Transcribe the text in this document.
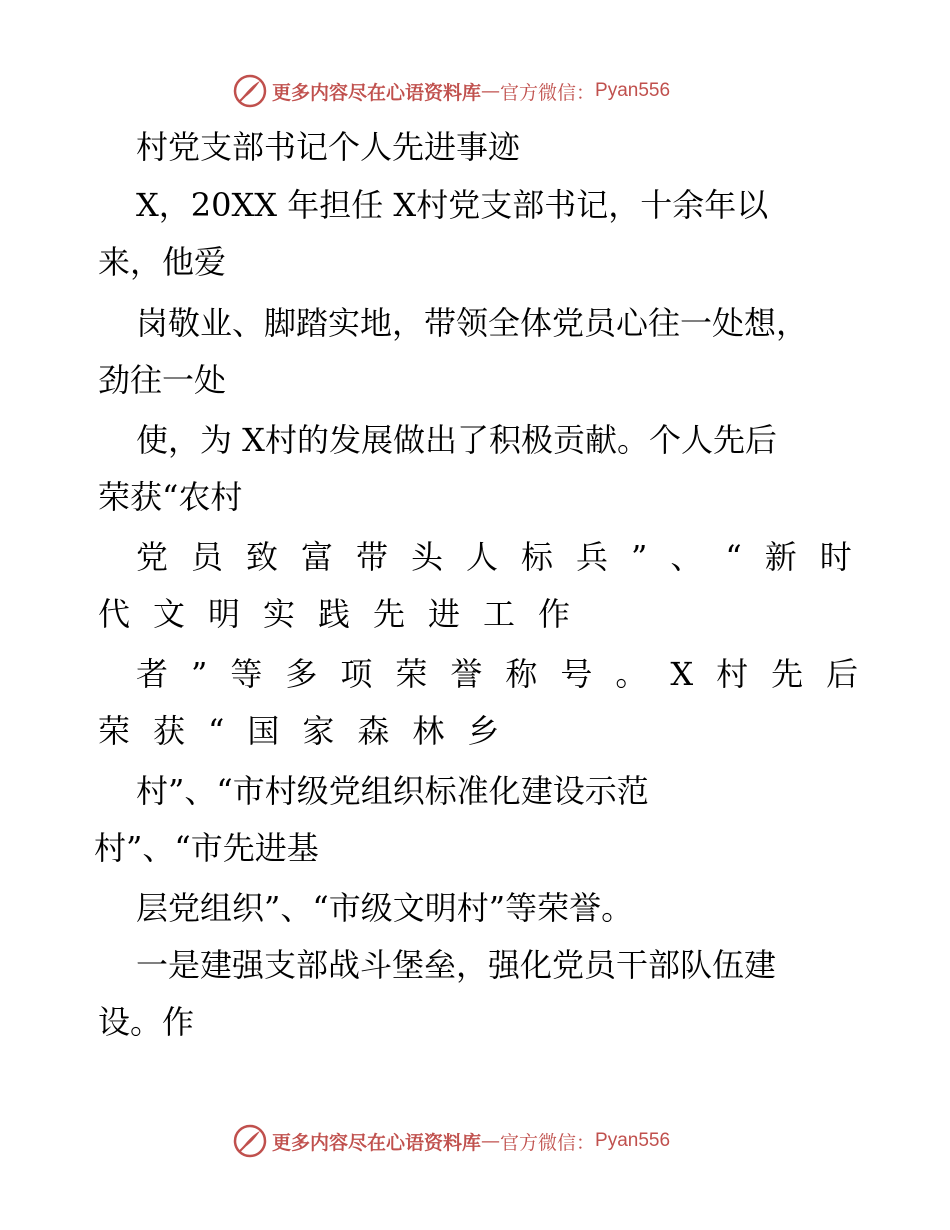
更多内容尽在心语资料库 — 官方微信： Pyan556
村党支部书记个人先进事迹
X，20XX 年担任 X村党支部书记，十余年以
来，他爱
岗敬业、脚踏实地，带领全体党员心往一处想，
劲往一处
使，为 X村的发展做出了积极贡献。个人先后
荣获“农村
党员致富带头人标兵”、“新时
代文明实践先进工作
者”等多项荣誉称号。X村先后
荣获“国家森林乡
村”、“市村级党组织标准化建设示范
村”、“市先进基
层党组织”、“市级文明村”等荣誉。
一是建强支部战斗堡垒，强化党员干部队伍建
设。作
更多内容尽在心语资料库 — 官方微信： Pyan556
